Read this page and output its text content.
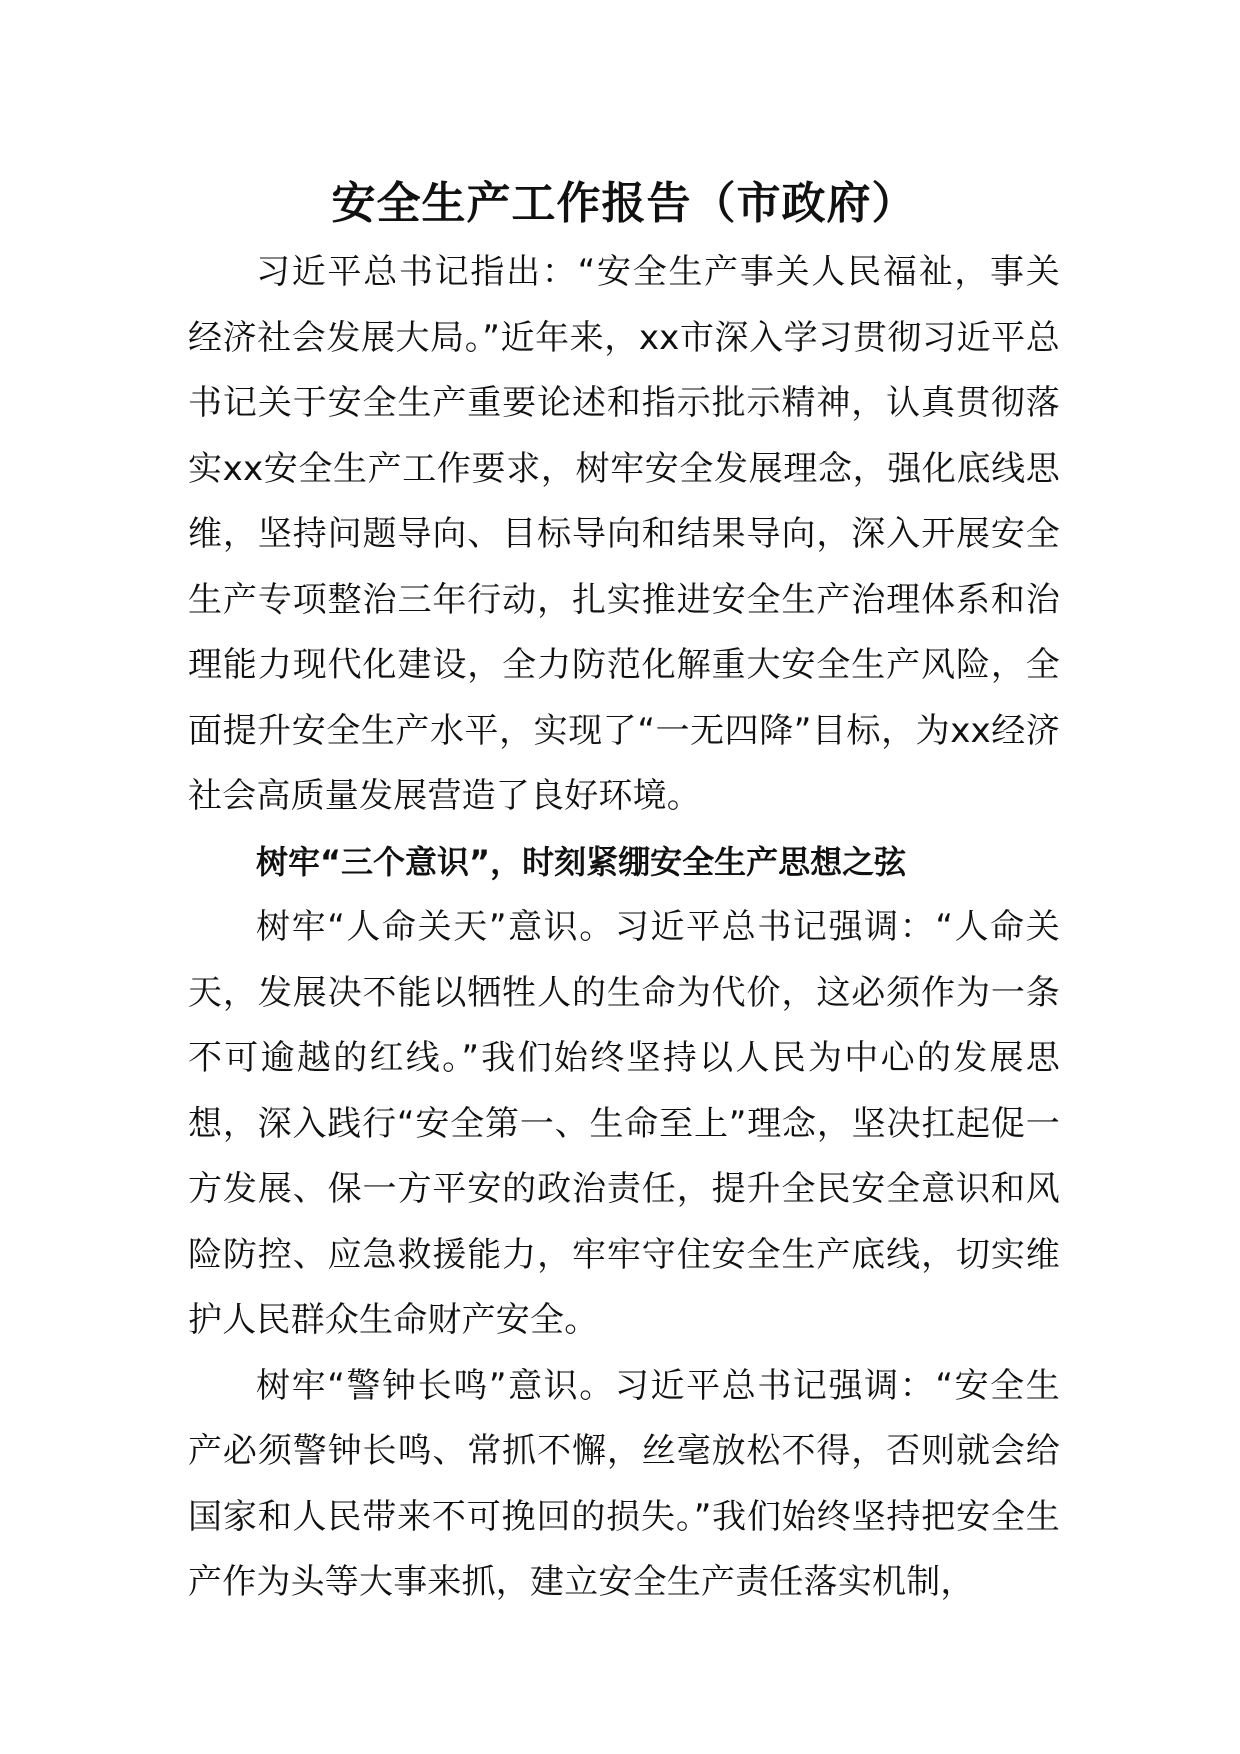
安全生产工作报告（市政府）

习近平总书记指出：“安全生产事关人民福祉，事关经济社会发展大局。”近年来，xx市深入学习贯彻习近平总书记关于安全生产重要论述和指示批示精神，认真贯彻落实xx安全生产工作要求，树牢安全发展理念，强化底线思维，坚持问题导向、目标导向和结果导向，深入开展安全生产专项整治三年行动，扎实推进安全生产治理体系和治理能力现代化建设，全力防范化解重大安全生产风险，全面提升安全生产水平，实现了“一无四降”目标，为xx经济社会高质量发展营造了良好环境。

树牢“三个意识”，时刻紧绷安全生产思想之弦

树牢“人命关天”意识。习近平总书记强调：“人命关天，发展决不能以牺牲人的生命为代价，这必须作为一条不可逾越的红线。”我们始终坚持以人民为中心的发展思想，深入践行“安全第一、生命至上”理念，坚决扛起促一方发展、保一方平安的政治责任，提升全民安全意识和风险防控、应急救援能力，牢牢守住安全生产底线，切实维护人民群众生命财产安全。

树牢“警钟长鸣”意识。习近平总书记强调：“安全生产必须警钟长鸣、常抓不懈，丝毫放松不得，否则就会给国家和人民带来不可挽回的损失。”我们始终坚持把安全生产作为头等大事来抓，建立安全生产责任落实机制，
